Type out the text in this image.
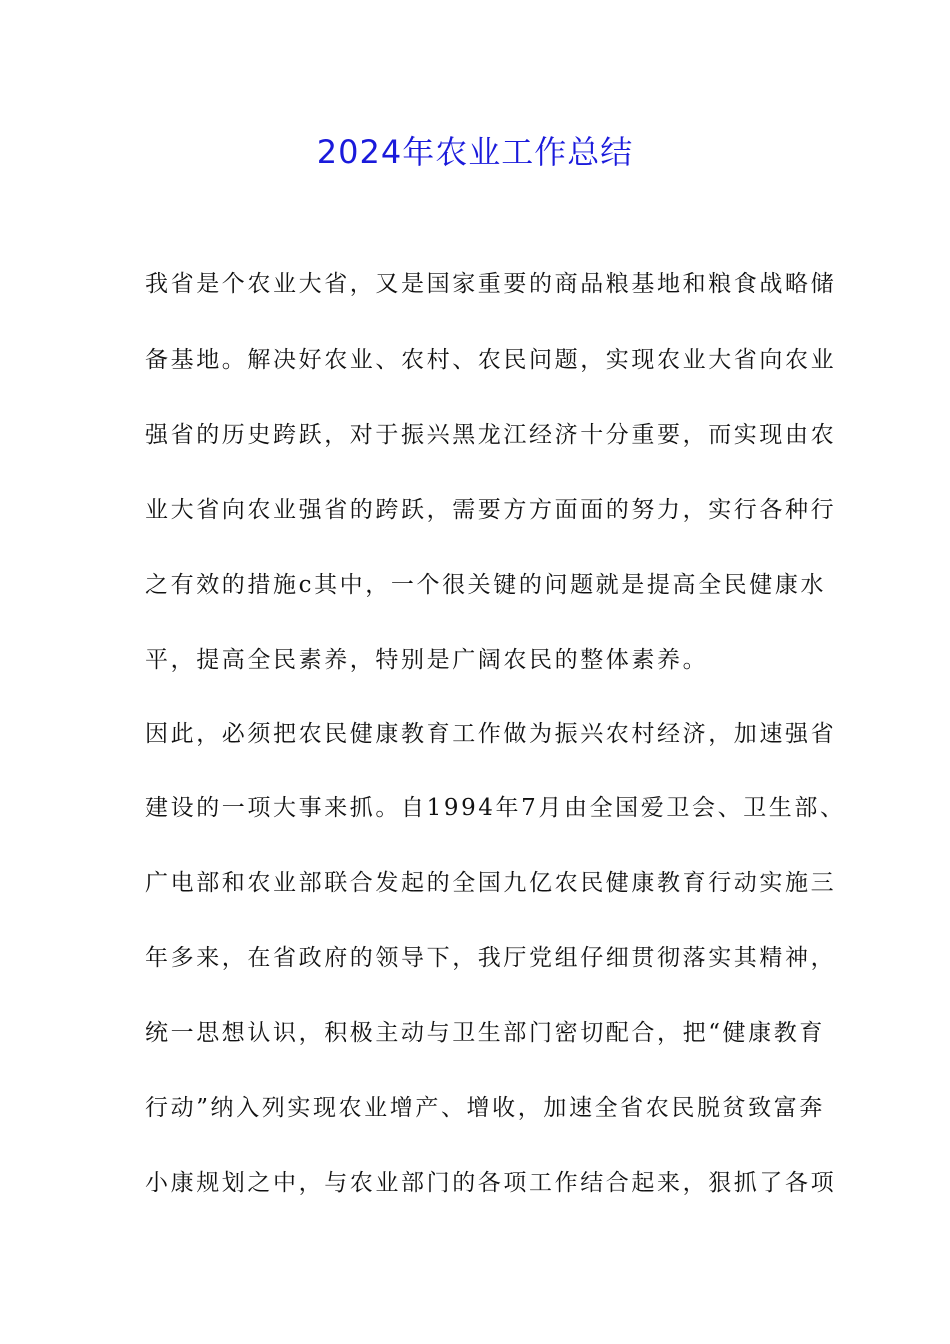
2024年农业工作总结

我省是个农业大省，又是国家重要的商品粮基地和粮食战略储

备基地。解决好农业、农村、农民问题，实现农业大省向农业

强省的历史跨跃，对于振兴黑龙江经济十分重要，而实现由农

业大省向农业强省的跨跃，需要方方面面的努力，实行各种行

之有效的措施c其中，一个很关键的问题就是提高全民健康水

平，提高全民素养，特别是广阔农民的整体素养。

因此，必须把农民健康教育工作做为振兴农村经济，加速强省

建设的一项大事来抓。自1994年7月由全国爱卫会、卫生部、

广电部和农业部联合发起的全国九亿农民健康教育行动实施三

年多来，在省政府的领导下，我厅党组仔细贯彻落实其精神，

统一思想认识，积极主动与卫生部门密切配合，把“健康教育

行动”纳入列实现农业增产、增收，加速全省农民脱贫致富奔

小康规划之中，与农业部门的各项工作结合起来，狠抓了各项
